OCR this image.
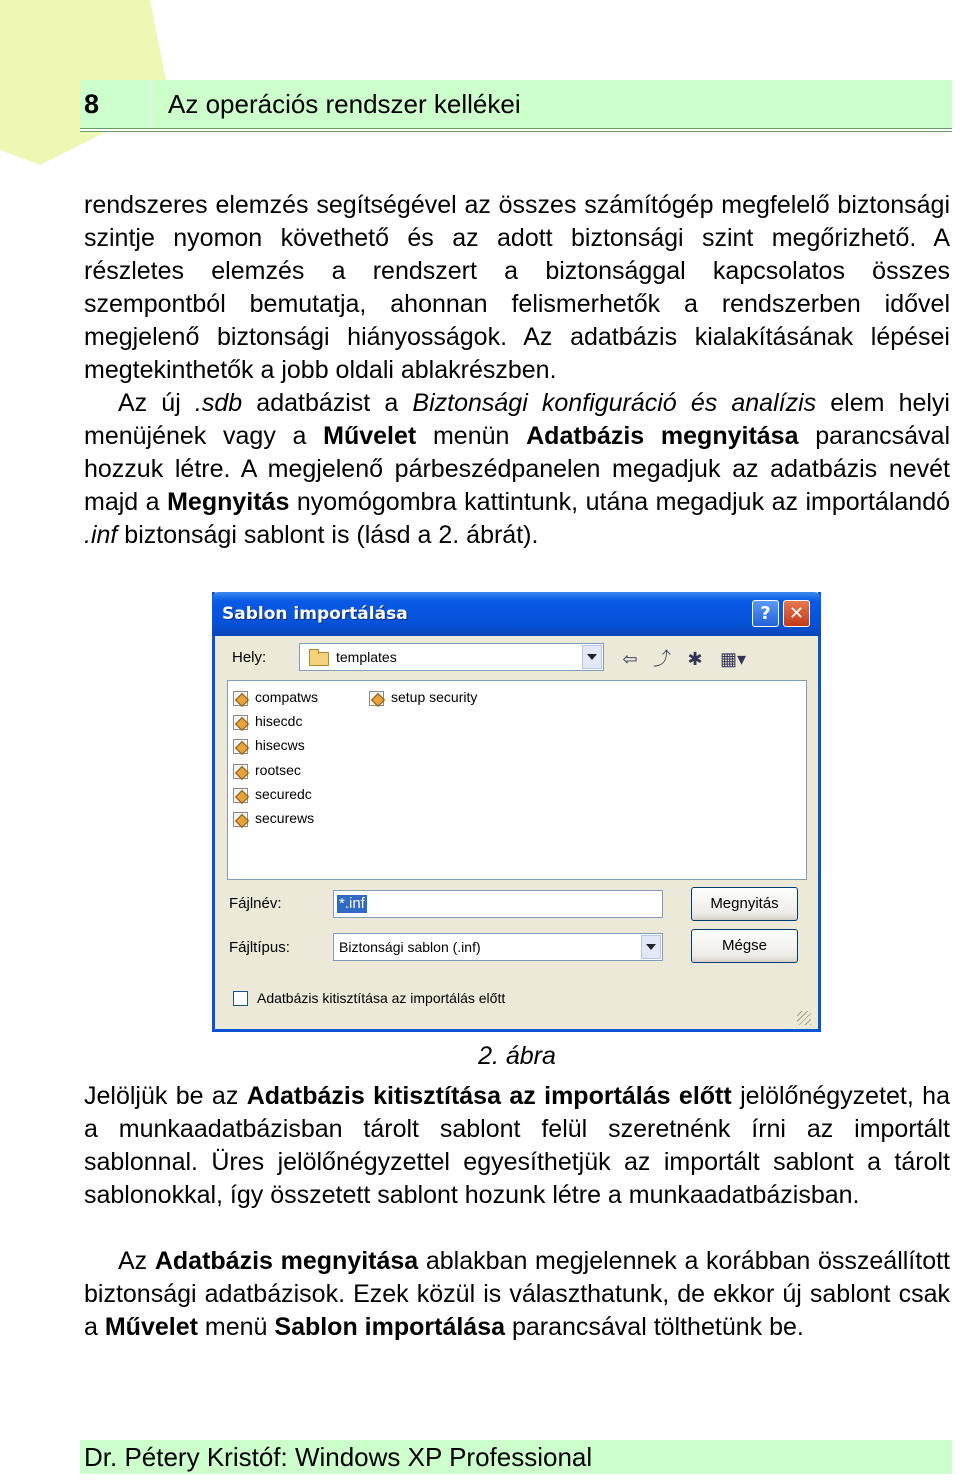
8	Az operációs rendszer kellékei
rendszeres elemzés segítségével az összes számítógép megfelelő biztonsági szintje nyomon követhető és az adott biztonsági szint megőrizhető. A részletes elemzés a rendszert a biztonsággal kapcsolatos összes szempontból bemutatja, ahonnan felismerhetők a rendszerben idővel megjelenő biztonsági hiányosságok. Az adatbázis kialakításának lépései megtekinthetők a jobb oldali ablakrészben.
Az új .sdb adatbázist a Biztonsági konfiguráció és analízis elem helyi menüjének vagy a Művelet menün Adatbázis megnyitása parancsával hozzuk létre. A megjelenő párbeszédpanelen megadjuk az adatbázis nevét majd a Megnyitás nyomógombra kattintunk, utána megadjuk az importálandó .inf biztonsági sablont is (lásd a 2. ábrát).
Sablon importálása	?	✕
Hely:	templates	⇦ ⤴ ✱ ▦▾
compatws
hisecdc
hisecws
rootsec
securedc
securews
setup security
Fájlnév:	*.inf
Fájltípus:	Biztonsági sablon (.inf)
Megnyitás
Mégse
Adatbázis kitisztítása az importálás előtt
2. ábra
Jelöljük be az Adatbázis kitisztítása az importálás előtt jelölőnégyzetet, ha a munkaadatbázisban tárolt sablont felül szeretnénk írni az importált sablonnal. Üres jelölőnégyzettel egyesíthetjük az importált sablont a tárolt sablonokkal, így összetett sablont hozunk létre a munkaadatbázisban.
Az Adatbázis megnyitása ablakban megjelennek a korábban összeállított biztonsági adatbázisok. Ezek közül is választhatunk, de ekkor új sablont csak a Művelet menü Sablon importálása parancsával tölthetünk be.
Dr. Pétery Kristóf: Windows XP Professional
